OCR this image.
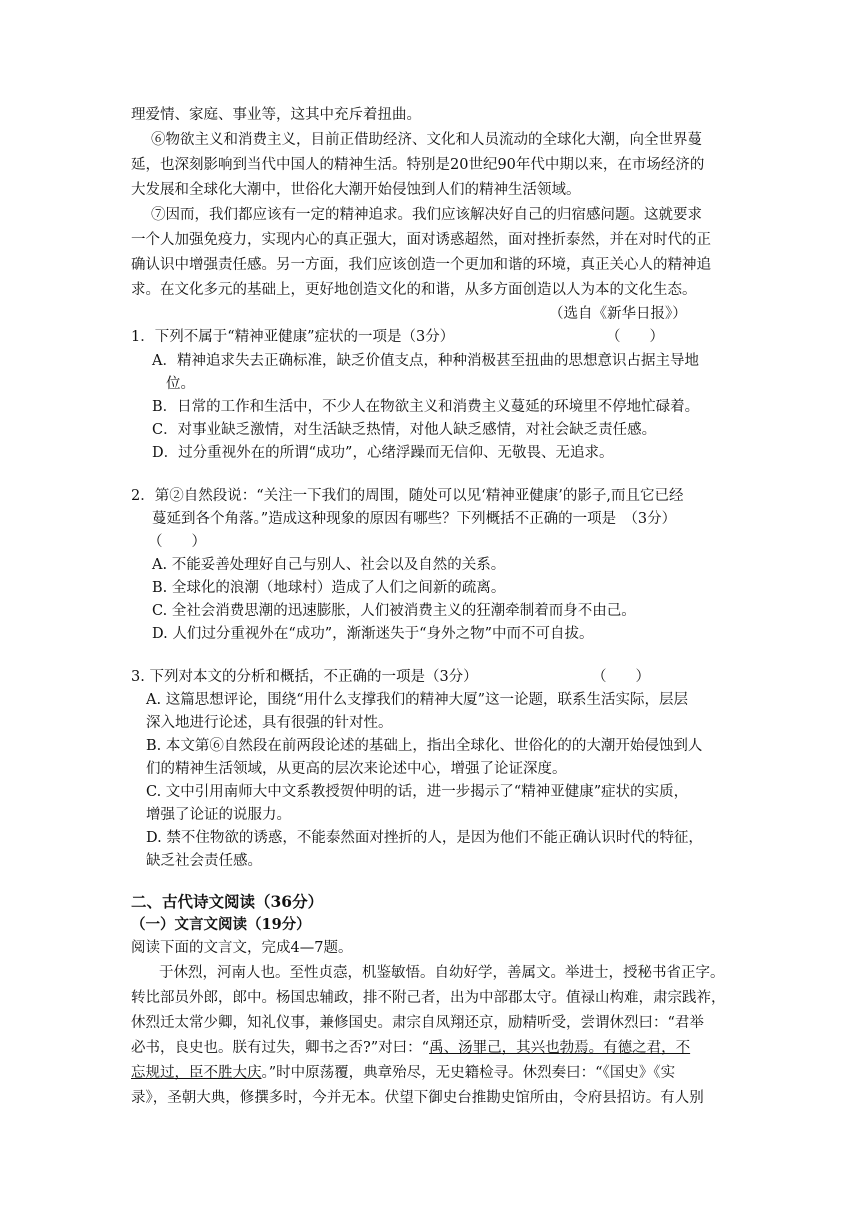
理爱情、家庭、事业等，这其中充斥着扭曲。
⑥物欲主义和消费主义，目前正借助经济、文化和人员流动的全球化大潮，向全世界蔓
延，也深刻影响到当代中国人的精神生活。特别是20世纪90年代中期以来，在市场经济的
大发展和全球化大潮中，世俗化大潮开始侵蚀到人们的精神生活领域。
⑦因而，我们都应该有一定的精神追求。我们应该解决好自己的归宿感问题。这就要求
一个人加强免疫力，实现内心的真正强大，面对诱惑超然，面对挫折泰然，并在对时代的正
确认识中增强责任感。另一方面，我们应该创造一个更加和谐的环境，真正关心人的精神追
求。在文化多元的基础上，更好地创造文化的和谐，从多方面创造以人为本的文化生态。
（选自《新华日报》）
1．下列不属于“精神亚健康”症状的一项是（3分）	（　　）
A．精神追求失去正确标准，缺乏价值支点，种种消极甚至扭曲的思想意识占据主导地
位。
B．日常的工作和生活中，不少人在物欲主义和消费主义蔓延的环境里不停地忙碌着。
C．对事业缺乏激情，对生活缺乏热情，对他人缺乏感情，对社会缺乏责任感。
D．过分重视外在的所谓“成功”，心绪浮躁而无信仰、无敬畏、无追求。
2．第②自然段说：“关注一下我们的周围，随处可以见‘精神亚健康’的影子,而且它已经
蔓延到各个角落。”造成这种现象的原因有哪些？下列概括不正确的一项是　（3分）
（　　）
A. 不能妥善处理好自己与别人、社会以及自然的关系。
B. 全球化的浪潮（地球村）造成了人们之间新的疏离。
C. 全社会消费思潮的迅速膨胀，人们被消费主义的狂潮牵制着而身不由己。
D. 人们过分重视外在“成功”，渐渐迷失于“身外之物”中而不可自拔。
3. 下列对本文的分析和概括，不正确的一项是（3分）	（　　）
A. 这篇思想评论，围绕“用什么支撑我们的精神大厦”这一论题，联系生活实际，层层
深入地进行论述，具有很强的针对性。
B. 本文第⑥自然段在前两段论述的基础上，指出全球化、世俗化的的大潮开始侵蚀到人
们的精神生活领域，从更高的层次来论述中心，增强了论证深度。
C. 文中引用南师大中文系教授贺仲明的话，进一步揭示了“精神亚健康”症状的实质，
增强了论证的说服力。
D. 禁不住物欲的诱惑，不能泰然面对挫折的人，是因为他们不能正确认识时代的特征，
缺乏社会责任感。
二、古代诗文阅读（36分）
（一）文言文阅读（19分）
阅读下面的文言文，完成4—7题。
于休烈，河南人也。至性贞悫，机鉴敏悟。自幼好学，善属文。举进士，授秘书省正字。
转比部员外郎，郎中。杨国忠辅政，排不附己者，出为中部郡太守。值禄山构难，肃宗践祚，
休烈迁太常少卿，知礼仪事，兼修国史。肃宗自凤翔还京，励精听受，尝谓休烈曰：“君举
必书，良史也。朕有过失，卿书之否?”对曰：“禹、汤罪己，其兴也勃焉。有德之君，不
忘规过，臣不胜大庆。”时中原荡覆，典章殆尽，无史籍检寻。休烈奏曰：“《国史》《实
录》，圣朝大典，修撰多时，今并无本。伏望下御史台推勘史馆所由，令府县招访。有人别
